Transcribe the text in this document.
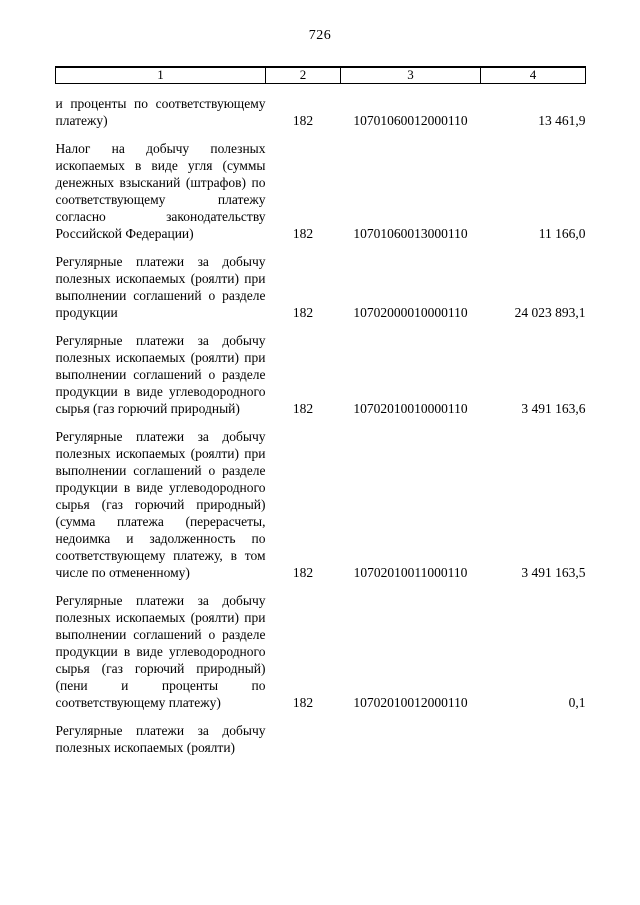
726
1	2	3	4
и проценты по соответствующему платежу)	182	10701060012000110	13 461,9
Налог на добычу полезных ископаемых в виде угля (суммы денежных взысканий (штрафов) по соответствующему платежу согласно законодательству Российской Федерации)	182	10701060013000110	11 166,0
Регулярные платежи за добычу полезных ископаемых (роялти) при выполнении соглашений о разделе продукции	182	10702000010000110	24 023 893,1
Регулярные платежи за добычу полезных ископаемых (роялти) при выполнении соглашений о разделе продукции в виде углеводородного сырья (газ горючий природный)	182	10702010010000110	3 491 163,6
Регулярные платежи за добычу полезных ископаемых (роялти) при выполнении соглашений о разделе продукции в виде углеводородного сырья (газ горючий природный) (сумма платежа (перерасчеты, недоимка и задолженность по соответствующему платежу, в том числе по отмененному)	182	10702010011000110	3 491 163,5
Регулярные платежи за добычу полезных ископаемых (роялти) при выполнении соглашений о разделе продукции в виде углеводородного сырья (газ горючий природный) (пени и проценты по соответствующему платежу)	182	10702010012000110	0,1
Регулярные платежи за добычу полезных ископаемых (роялти)			
